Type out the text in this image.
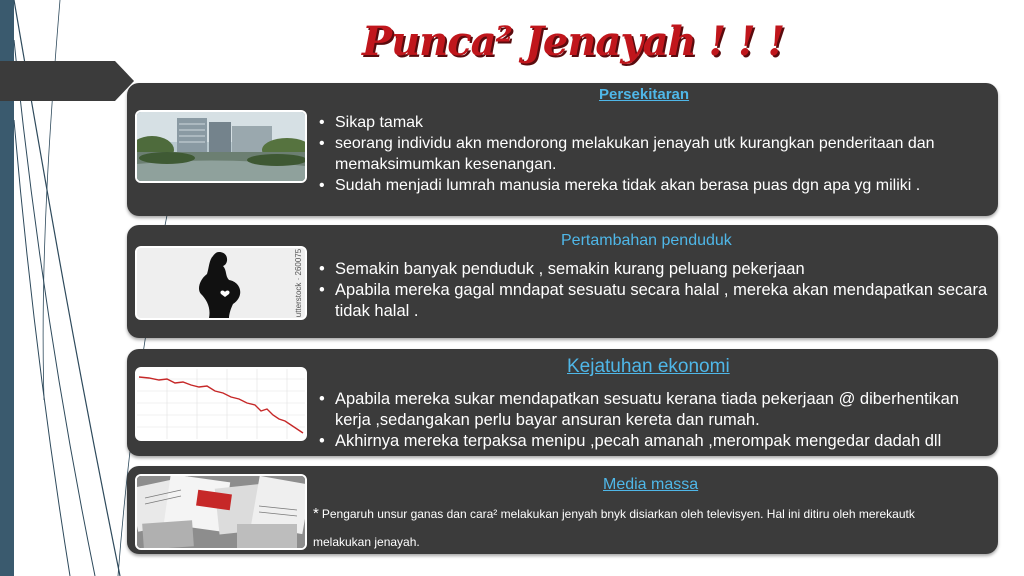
Punca² Jenayah ! ! !
Persekitaran
• Sikap tamak
• seorang individu akn mendorong melakukan jenayah utk kurangkan penderitaan dan memaksimumkan kesenangan.
• Sudah menjadi lumrah manusia mereka tidak akan berasa puas dgn apa yg miliki .
Pertambahan penduduk
utterstock · 260075
•	Semakin banyak penduduk , semakin kurang peluang pekerjaan
• Apabila mereka gagal mndapat sesuatu secara halal , mereka akan mendapatkan secara tidak halal .
Kejatuhan ekonomi
• Apabila mereka sukar mendapatkan sesuatu kerana tiada pekerjaan @ diberhentikan kerja ,sedangakan perlu bayar ansuran kereta dan rumah.
• Akhirnya mereka terpaksa menipu ,pecah amanah ,merompak mengedar dadah dll
Media massa
* Pengaruh unsur ganas dan cara² melakukan jenyah bnyk disiarkan oleh televisyen. Hal ini ditiru oleh merekautk melakukan jenayah.
